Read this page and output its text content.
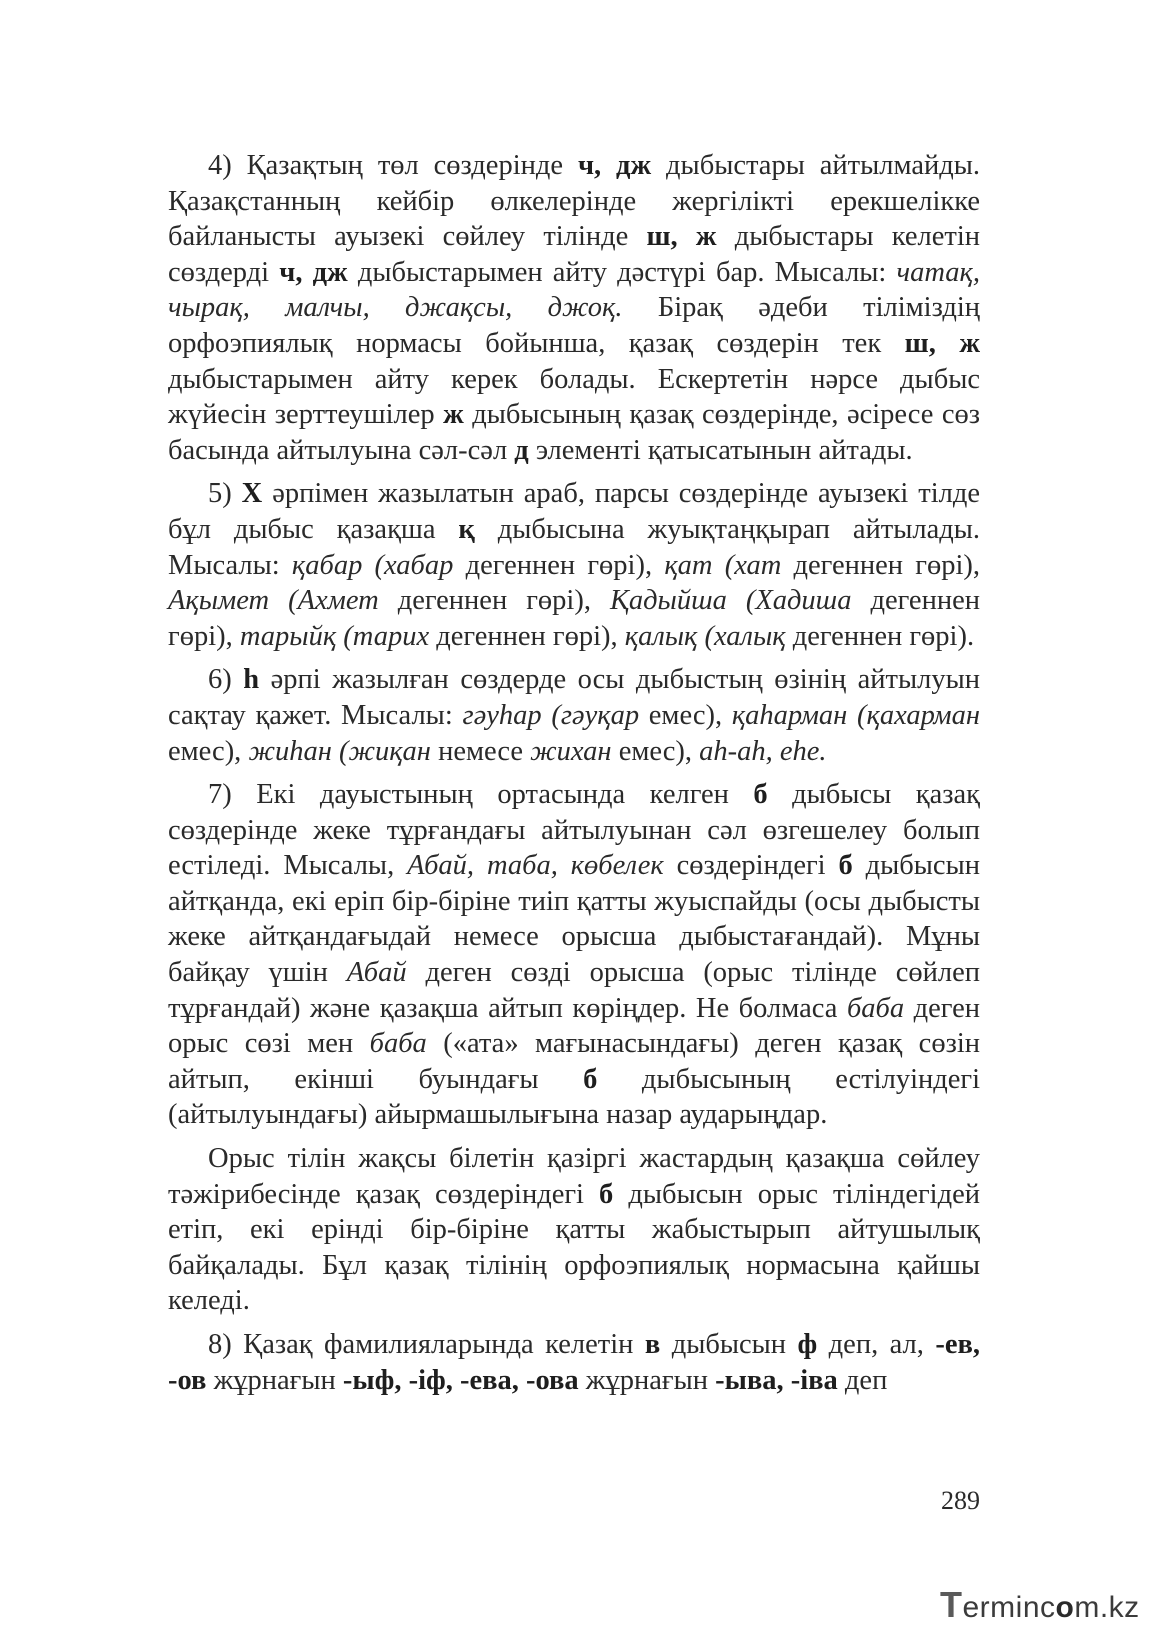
4) Қазақтың төл сөздерінде ч, дж дыбыстары айтылмайды. Қазақстанның кейбір өлкелерінде жергілікті ерекшелікке байланысты ауызекі сөйлеу тілінде ш, ж дыбыстары келетін сөздерді ч, дж дыбыстарымен айту дәстүрі бар. Мысалы: чатақ, чырақ, малчы, джақсы, джоқ. Бірақ әдеби тіліміздің орфоэпиялық нормасы бойынша, қазақ сөздерін тек ш, ж дыбыстарымен айту керек болады. Ескертетін нәрсе дыбыс жүйесін зерттеушілер ж дыбысының қазақ сөздерінде, әсіресе сөз басында айтылуына сәл-сәл д элементі қатысатынын айтады.

5) Х әрпімен жазылатын араб, парсы сөздерінде ауызекі тілде бұл дыбыс қазақша қ дыбысына жуықтаңқырап айтылады. Мысалы: қабар (хабар дегеннен гөрі), қат (хат дегеннен гөрі), Ақымет (Ахмет дегеннен гөрі), Қадыйша (Хадиша дегеннен гөрі), тарыйқ (тарих дегеннен гөрі), қалық (халық дегеннен гөрі).

6) һ әрпі жазылған сөздерде осы дыбыстың өзінің айтылуын сақтау қажет. Мысалы: гәуһар (гәуқар емес), қаһарман (қахарман емес), жиһан (жиқан немесе жихан емес), аһ-аһ, еһе.

7) Екі дауыстының ортасында келген б дыбысы қазақ сөздерінде жеке тұрғандағы айтылуынан сәл өзгешелеу болып естіледі. Мысалы, Абай, таба, көбелек сөздеріндегі б дыбысын айтқанда, екі еріп бір-біріне тиіп қатты жуыспайды (осы дыбысты жеке айтқандағыдай немесе орысша дыбыстағандай). Мұны байқау үшін Абай деген сөзді орысша (орыс тілінде сөйлеп тұрғандай) және қазақша айтып көріңдер. Не болмаса баба деген орыс сөзі мен баба («ата» мағынасындағы) деген қазақ сөзін айтып, екінші буындағы б дыбысының естілуіндегі (айтылуындағы) айырмашылығына назар аударыңдар.

Орыс тілін жақсы білетін қазіргі жастардың қазақша сөйлеу тәжірибесінде қазақ сөздеріндегі б дыбысын орыс тіліндегідей етіп, екі ерінді бір-біріне қатты жабыстырып айтушылық байқалады. Бұл қазақ тілінің орфоэпиялық нормасына қайшы келеді.

8) Қазақ фамилияларында келетін в дыбысын ф деп, ал, -ев, -ов жұрнағын -ыф, -іф, -ева, -ова жұрнағын -ыва, -іва деп

289
Termincom.kz
